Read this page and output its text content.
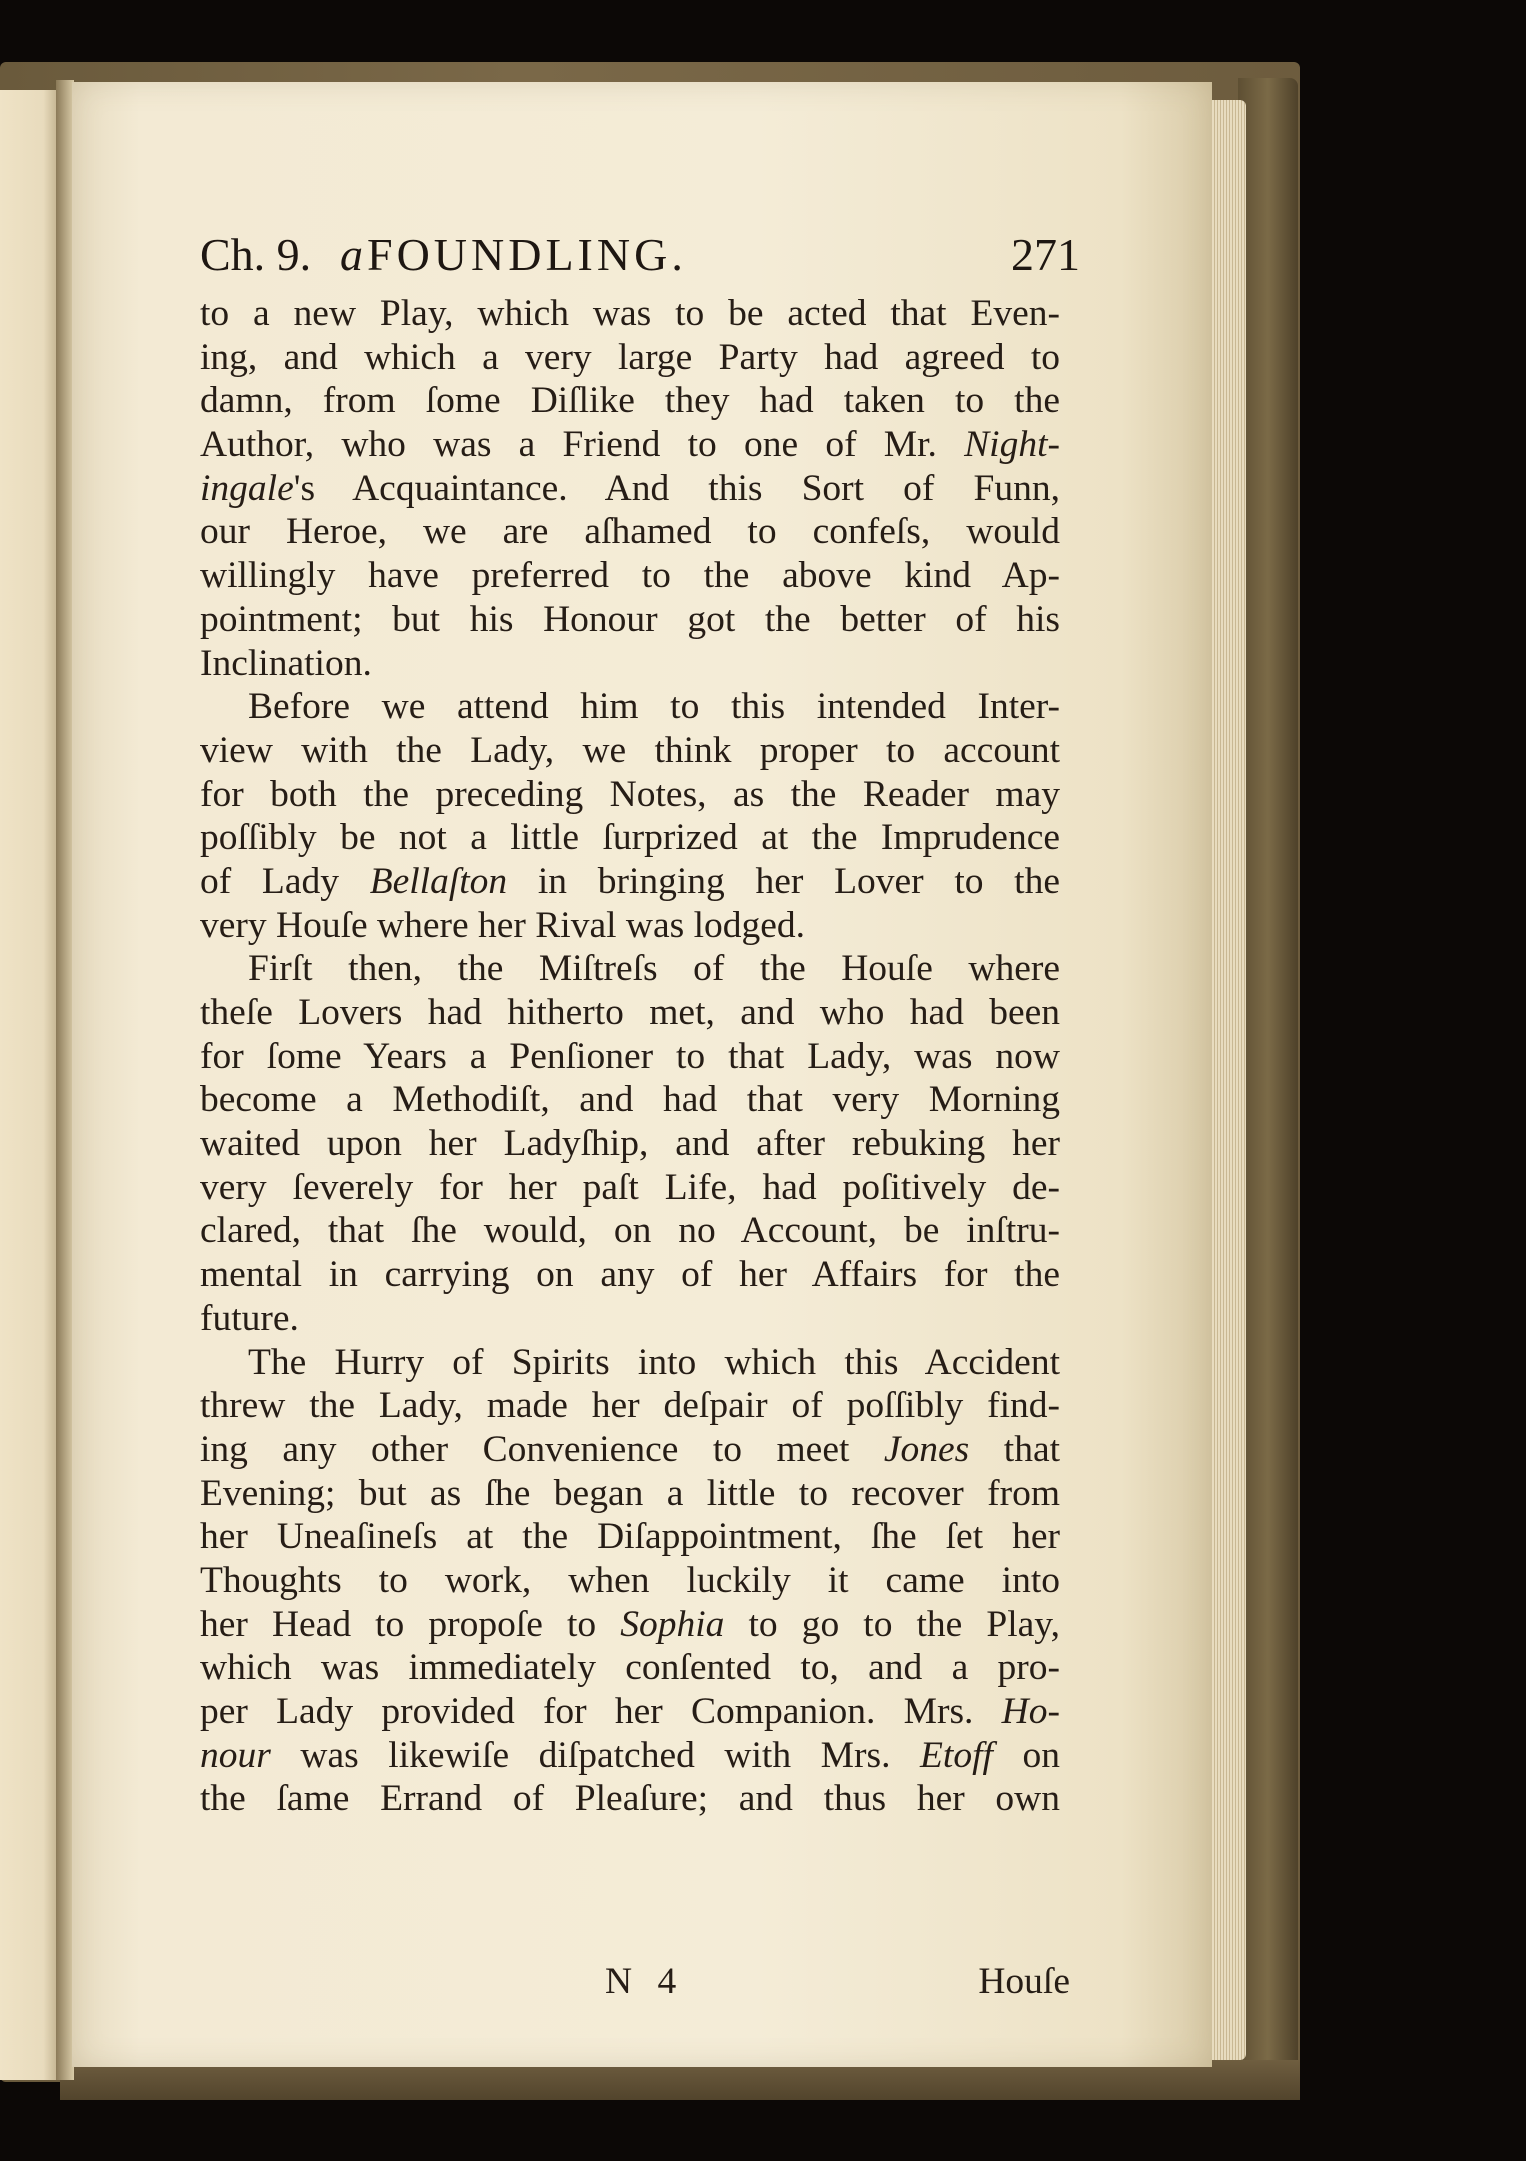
Ch. 9. aFOUNDLING.	271
to a new Play, which was to be acted that Even-
ing, and which a very large Party had agreed to
damn, from ſome Diſlike they had taken to the
Author, who was a Friend to one of Mr. Night-
ingale's Acquaintance. And this Sort of Funn,
our Heroe, we are aſhamed to confeſs, would
willingly have preferred to the above kind Ap-
pointment; but his Honour got the better of his
Inclination.
Before we attend him to this intended Inter-
view with the Lady, we think proper to account
for both the preceding Notes, as the Reader may
poſſibly be not a little ſurprized at the Imprudence
of Lady Bellaſton in bringing her Lover to the
very Houſe where her Rival was lodged.
Firſt then, the Miſtreſs of the Houſe where
theſe Lovers had hitherto met, and who had been
for ſome Years a Penſioner to that Lady, was now
become a Methodiſt, and had that very Morning
waited upon her Ladyſhip, and after rebuking her
very ſeverely for her paſt Life, had poſitively de-
clared, that ſhe would, on no Account, be inſtru-
mental in carrying on any of her Affairs for the
future.
The Hurry of Spirits into which this Accident
threw the Lady, made her deſpair of poſſibly find-
ing any other Convenience to meet Jones that
Evening; but as ſhe began a little to recover from
her Uneaſineſs at the Diſappointment, ſhe ſet her
Thoughts to work, when luckily it came into
her Head to propoſe to Sophia to go to the Play,
which was immediately conſented to, and a pro-
per Lady provided for her Companion. Mrs. Ho-
nour was likewiſe diſpatched with Mrs. Etoff on
the ſame Errand of Pleaſure; and thus her own
N 4	Houſe
